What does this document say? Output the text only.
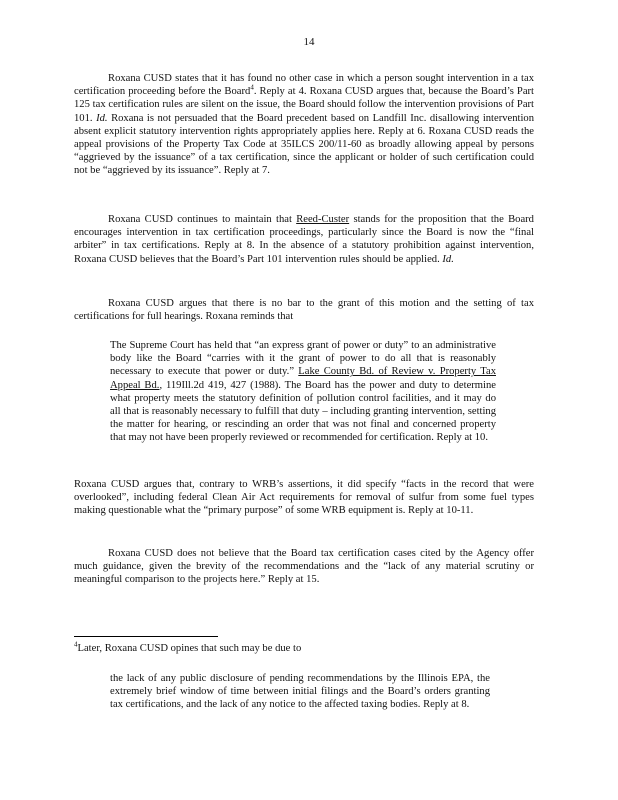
14

Roxana CUSD states that it has found no other case in which a person sought intervention in a tax certification proceeding before the Board$^4$. Reply at 4. Roxana CUSD argues that, because the Board’s Part 125 tax certification rules are silent on the issue, the Board should follow the intervention provisions of Part 101. Id. Roxana is not persuaded that the Board precedent based on Landfill Inc. disallowing intervention absent explicit statutory intervention rights appropriately applies here. Reply at 6. Roxana CUSD reads the appeal provisions of the Property Tax Code at 35ILCS 200/11-60 as broadly allowing appeal by persons “aggrieved by the issuance” of a tax certification, since the applicant or holder of such certification could not be “aggrieved by its issuance”. Reply at 7.

Roxana CUSD continues to maintain that Reed-Custer stands for the proposition that the Board encourages intervention in tax certification proceedings, particularly since the Board is now the “final arbiter” in tax certifications. Reply at 8. In the absence of a statutory prohibition against intervention, Roxana CUSD believes that the Board’s Part 101 intervention rules should be applied. Id.

Roxana CUSD argues that there is no bar to the grant of this motion and the setting of tax certifications for full hearings. Roxana reminds that

The Supreme Court has held that “an express grant of power or duty” to an administrative body like the Board “carries with it the grant of power to do all that is reasonably necessary to execute that power or duty.” Lake County Bd. of Review v. Property Tax Appeal Bd., 119Ill.2d 419, 427 (1988). The Board has the power and duty to determine what property meets the statutory definition of pollution control facilities, and it may do all that is reasonably necessary to fulfill that duty – including granting intervention, setting the matter for hearing, or rescinding an order that was not final and concerned property that may not have been properly reviewed or recommended for certification. Reply at 10.

Roxana CUSD argues that, contrary to WRB’s assertions, it did specify “facts in the record that were overlooked”, including federal Clean Air Act requirements for removal of sulfur from some fuel types making questionable what the “primary purpose” of some WRB equipment is. Reply at 10-11.

Roxana CUSD does not believe that the Board tax certification cases cited by the Agency offer much guidance, given the brevity of the recommendations and the “lack of any material scrutiny or meaningful comparison to the projects here.” Reply at 15.

$^4$Later, Roxana CUSD opines that such may be due to

the lack of any public disclosure of pending recommendations by the Illinois EPA, the extremely brief window of time between initial filings and the Board’s orders granting tax certifications, and the lack of any notice to the affected taxing bodies. Reply at 8.
